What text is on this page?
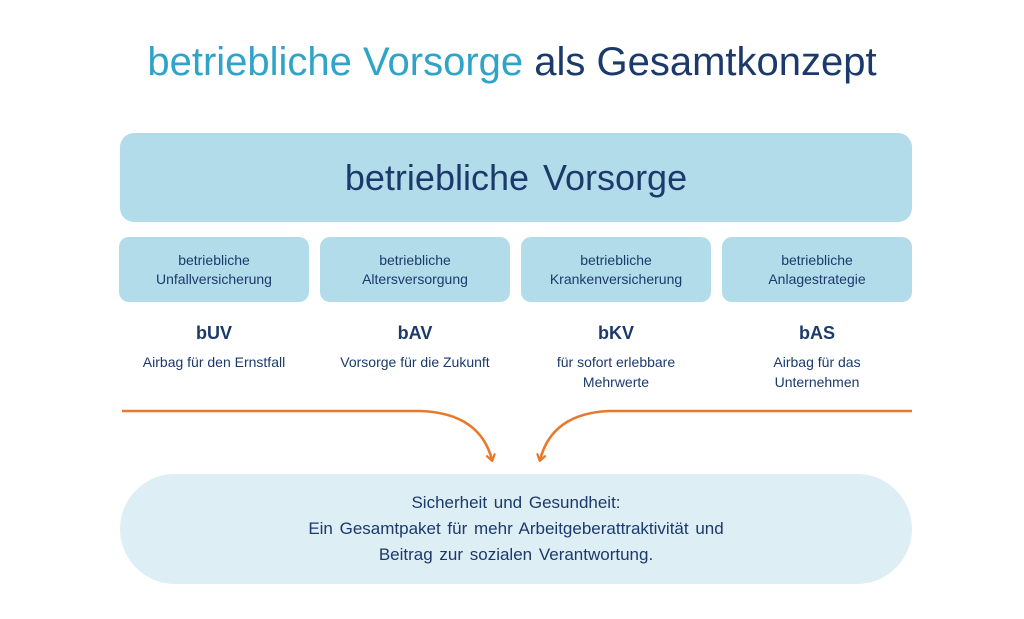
betriebliche Vorsorge als Gesamtkonzept
betriebliche Vorsorge
betriebliche
Unfallversicherung
betriebliche
Altersversorgung
betriebliche
Krankenversicherung
betriebliche
Anlagestrategie
bUV
Airbag für den Ernstfall
bAV
Vorsorge für die Zukunft
bKV
für sofort erlebbare
Mehrwerte
bAS
Airbag für das
Unternehmen
Sicherheit und Gesundheit:
Ein Gesamtpaket für mehr Arbeitgeberattraktivität und
Beitrag zur sozialen Verantwortung.
